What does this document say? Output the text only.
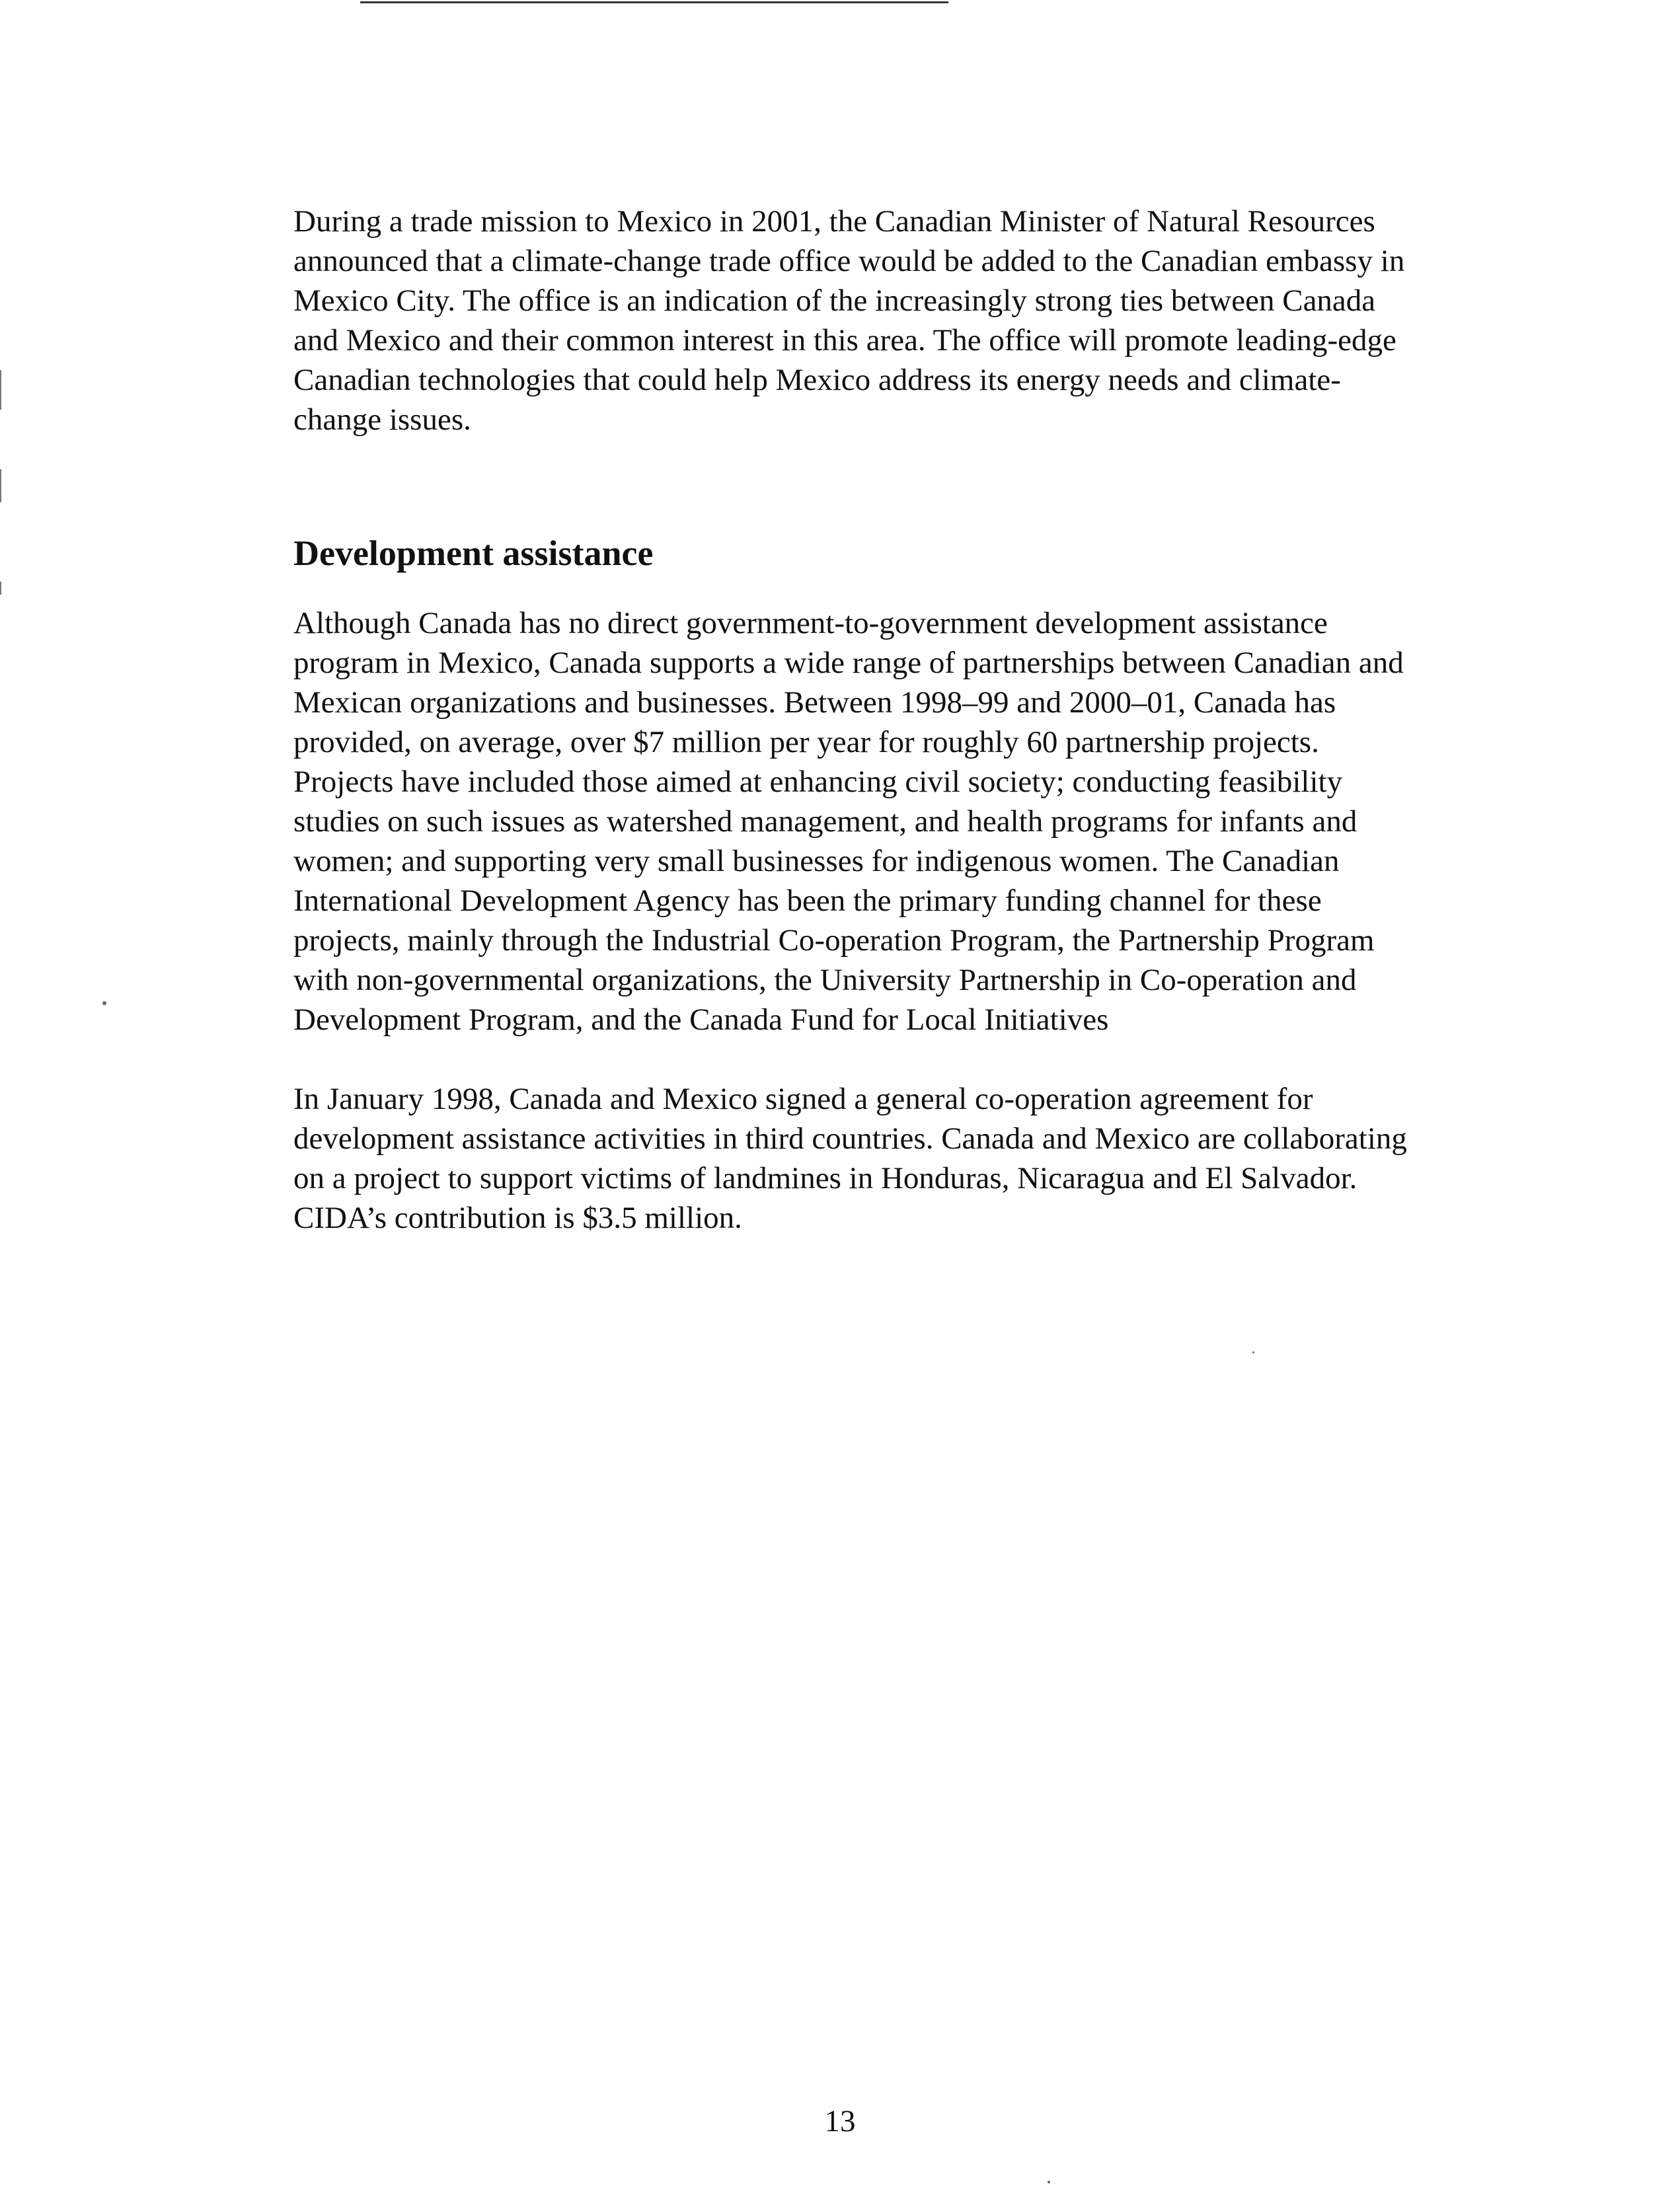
During a trade mission to Mexico in 2001, the Canadian Minister of Natural Resources announced that a climate-change trade office would be added to the Canadian embassy in Mexico City. The office is an indication of the increasingly strong ties between Canada and Mexico and their common interest in this area. The office will promote leading-edge Canadian technologies that could help Mexico address its energy needs and climate-change issues.

Development assistance

Although Canada has no direct government-to-government development assistance program in Mexico, Canada supports a wide range of partnerships between Canadian and Mexican organizations and businesses. Between 1998–99 and 2000–01, Canada has provided, on average, over $7 million per year for roughly 60 partnership projects. Projects have included those aimed at enhancing civil society; conducting feasibility studies on such issues as watershed management, and health programs for infants and women; and supporting very small businesses for indigenous women. The Canadian International Development Agency has been the primary funding channel for these projects, mainly through the Industrial Co-operation Program, the Partnership Program with non-governmental organizations, the University Partnership in Co-operation and Development Program, and the Canada Fund for Local Initiatives

In January 1998, Canada and Mexico signed a general co-operation agreement for development assistance activities in third countries. Canada and Mexico are collaborating on a project to support victims of landmines in Honduras, Nicaragua and El Salvador. CIDA’s contribution is $3.5 million.

13
